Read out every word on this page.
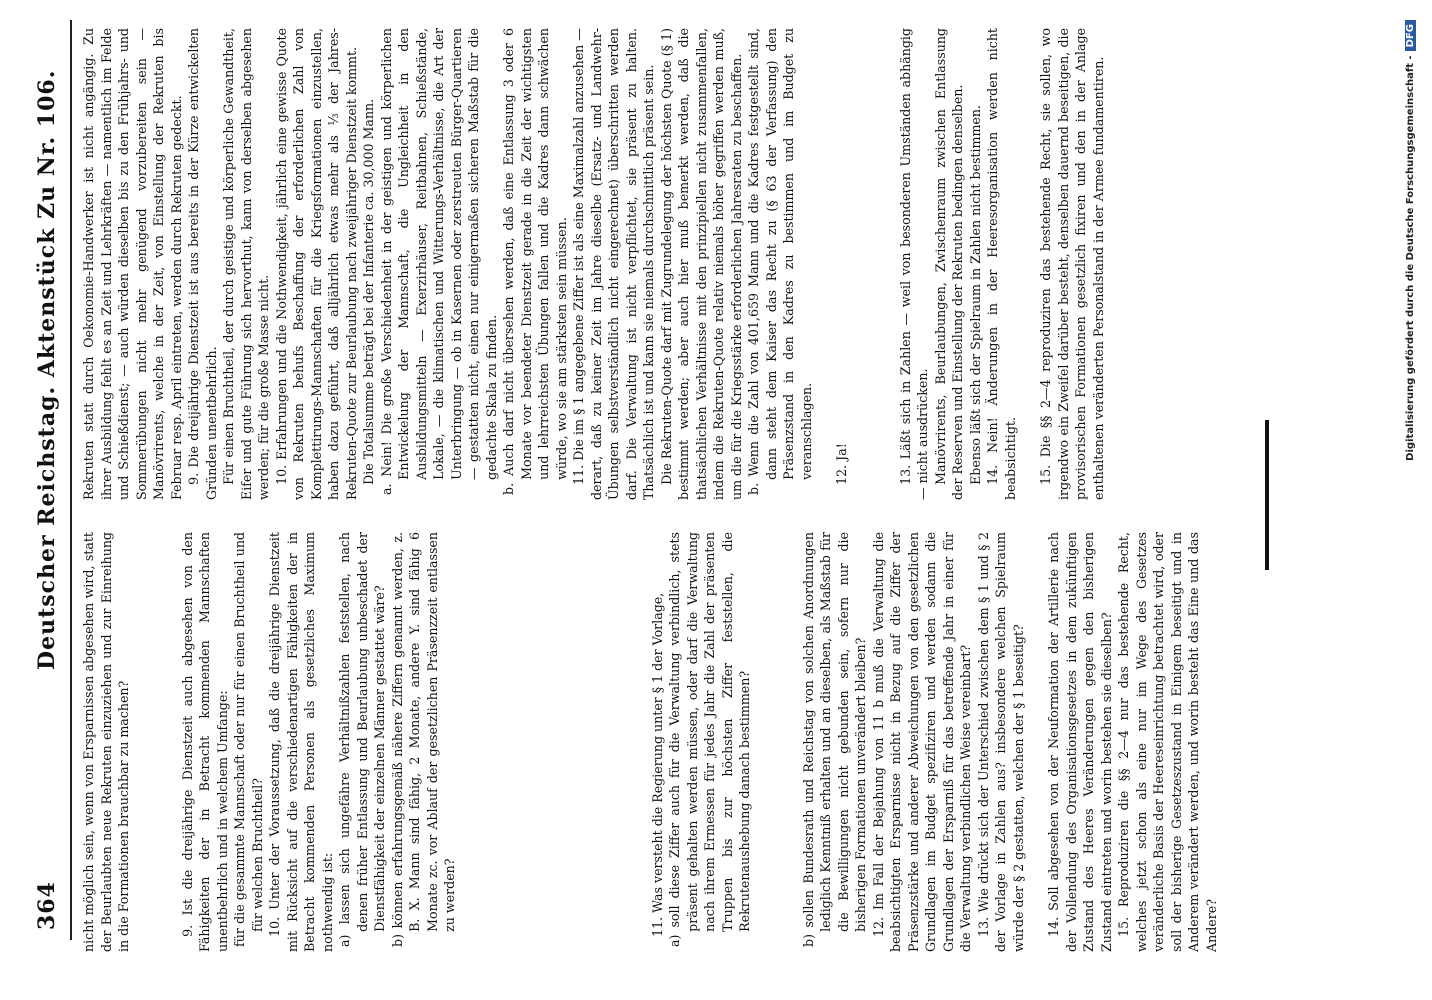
364
Deutscher Reichstag. Aktenstück Zu Nr. 106.

nicht möglich sein, wenn von Ersparnissen abgesehen wird, statt der Beurlaubten neue Rekruten einzuziehen und zur Einreihung in die Formationen brauchbar zu machen?	9. Ist die dreijährige Dienstzeit auch abgesehen von den Fähigkeiten der in Betracht kommenden Mannschaften unentbehrlich und in welchem Umfange: für die gesammte Mannschaft oder nur für einen Bruchtheil und für welchen Bruchtheil? 10. Unter der Voraussetzung, daß die dreijährige Dienstzeit mit Rücksicht auf die verschiedenartigen Fähigkeiten der in Betracht kommenden Personen als gesetzliches Maximum nothwendig ist: a) lassen sich ungefähre Verhältnißzahlen feststellen, nach denen früher Entlassung und Beurlaubung unbeschadet der Dienstfähigkeit der einzelnen Männer gestattet wäre? b) können erfahrungsgemäß nähere Ziffern genannt werden, z. B. X. Mann sind fähig, 2 Monate, andere Y. sind fähig 6 Monate zc. vor Ablauf der gesetzlichen Präsenzzeit entlassen zu werden?	11. Was versteht die Regierung unter § 1 der Vorlage, a) soll diese Ziffer auch für die Verwaltung verbindlich, stets präsent gehalten werden müssen, oder darf die Verwaltung nach ihrem Ermessen für jedes Jahr die Zahl der präsenten Truppen bis zur höchsten Ziffer feststellen, die Rekrutenaushebung danach bestimmen?	b) sollen Bundesrath und Reichstag von solchen Anordnungen lediglich Kenntniß erhalten und an dieselben, als Maßstab für die Bewilligungen nicht gebunden sein, sofern nur die bisherigen Formationen unverändert bleiben? 12. Im Fall der Bejahung von 11 b muß die Verwaltung die beabsichtigten Ersparnisse nicht in Bezug auf die Ziffer der Präsenzstärke und anderer Abweichungen von den gesetzlichen Grundlagen im Budget spezifiziren und werden sodann die Grundlagen der Ersparniß für das betreffende Jahr in einer für die Verwaltung verbindlichen Weise vereinbart? 13. Wie drückt sich der Unterschied zwischen dem § 1 und § 2 der Vorlage in Zahlen aus? insbesondere welchen Spielraum würde der § 2 gestatten, welchen der § 1 beseitigt? 14. Soll abgesehen von der Neuformation der Artillerie nach der Vollendung des Organisationsgesetzes in dem zukünftigen Zustand des Heeres Veränderungen gegen den bisherigen Zustand eintreten und worin bestehen sie dieselben? 15. Reproduziren die §§ 2—4 nur das bestehende Recht, welches jetzt schon als eine nur im Wege des Gesetzes veränderliche Basis der Heereseinrichtung betrachtet wird, oder soll der bisherige Gesetzeszustand in Einigem beseitigt und in Anderem verändert werden, und worin besteht das Eine und das Andere?

Rekruten statt durch Oekonomie-Handwerker ist nicht angängig. Zu ihrer Ausbildung fehlt es an Zeit und Lehrkräften — namentlich im Felde und Schießdienst; — auch würden dieselben bis zu den Frühjahrs- und Sommerübungen nicht mehr genügend vorzubereiten sein — Manövrirents, welche in der Zeit, von Einstellung der Rekruten bis Februar resp. April eintreten, werden durch Rekruten gedeckt. 9. Die dreijährige Dienstzeit ist aus bereits in der Kürze entwickelten Gründen unentbehrlich. Für einen Bruchtheil, der durch geistige und körperliche Gewandtheit, Eifer und gute Führung sich hervorthut, kann von derselben abgesehen werden; für die große Masse nicht. 10. Erfahrungen und die Nothwendigkeit, jährlich eine gewisse Quote von Rekruten behufs Beschaffung der erforderlichen Zahl von Komplettirungs-Mannschaften für die Kriegsformationen einzustellen, haben dazu geführt, daß alljährlich etwas mehr als ⅓ der Jahres-Rekruten-Quote zur Beurlaubung nach zweijähriger Dienstzeit kommt. Die Totalsumme beträgt bei der Infanterie ca. 30,000 Mann. a. Nein! Die große Verschiedenheit in der geistigen und körperlichen Entwickelung der Mannschaft, die Ungleichheit in den Ausbildungsmitteln — Exerzirhäuser, Reitbahnen, Schießstände, Lokale, — die klimatischen und Witterungs-Verhältnisse, die Art der Unterbringung — ob in Kasernen oder zerstreuten Bürger-Quartieren — gestatten nicht, einen nur einigermaßen sicheren Maßstab für die gedachte Skala zu finden. b. Auch darf nicht übersehen werden, daß eine Entlassung 3 oder 6 Monate vor beendeter Dienstzeit gerade in die Zeit der wichtigsten und lehrreichsten Übungen fallen und die Kadres dann schwächen würde, wo sie am stärksten sein müssen. 11. Die im § 1 angegebene Ziffer ist als eine Maximalzahl anzusehen — derart, daß zu keiner Zeit im Jahre dieselbe (Ersatz- und Landwehr-Übungen selbstverständlich nicht eingerechnet) überschritten werden darf. Die Verwaltung ist nicht verpflichtet, sie präsent zu halten. Thatsächlich ist und kann sie niemals durchschnittlich präsent sein. Die Rekruten-Quote darf mit Zugrundelegung der höchsten Quote (§ 1) bestimmt werden; aber auch hier muß bemerkt werden, daß die thatsächlichen Verhältnisse mit den prinzipiellen nicht zusammenfallen, indem die Rekruten-Quote relativ niemals höher gegriffen werden muß, um die für die Kriegsstärke erforderlichen Jahresraten zu beschaffen. b. Wenn die Zahl von 401,659 Mann und die Kadres festgestellt sind, dann steht dem Kaiser das Recht zu (§ 63 der Verfassung) den Präsenzstand in den Kadres zu bestimmen und im Budget zu veranschlagen. 12. Ja!	13. Läßt sich in Zahlen — weil von besonderen Umständen abhängig — nicht ausdrücken. Manövrirents, Beurlaubungen, Zwischenraum zwischen Entlassung der Reserven und Einstellung der Rekruten bedingen denselben. Ebenso läßt sich der Spielraum in Zahlen nicht bestimmen. 14. Nein! Änderungen in der Heeresorganisation werden nicht beabsichtigt. 15. Die §§ 2—4 reproduziren das bestehende Recht, sie sollen, wo irgendwo ein Zweifel darüber besteht, denselben dauernd beseitigen, die provisorischen Formationen gesetzlich fixiren und den in der Anlage enthaltenen veränderten Personalstand in der Armee fundamentiren.	Digitalisierung gefördert durch die Deutsche Forschungsgemeinschaft -DFG
